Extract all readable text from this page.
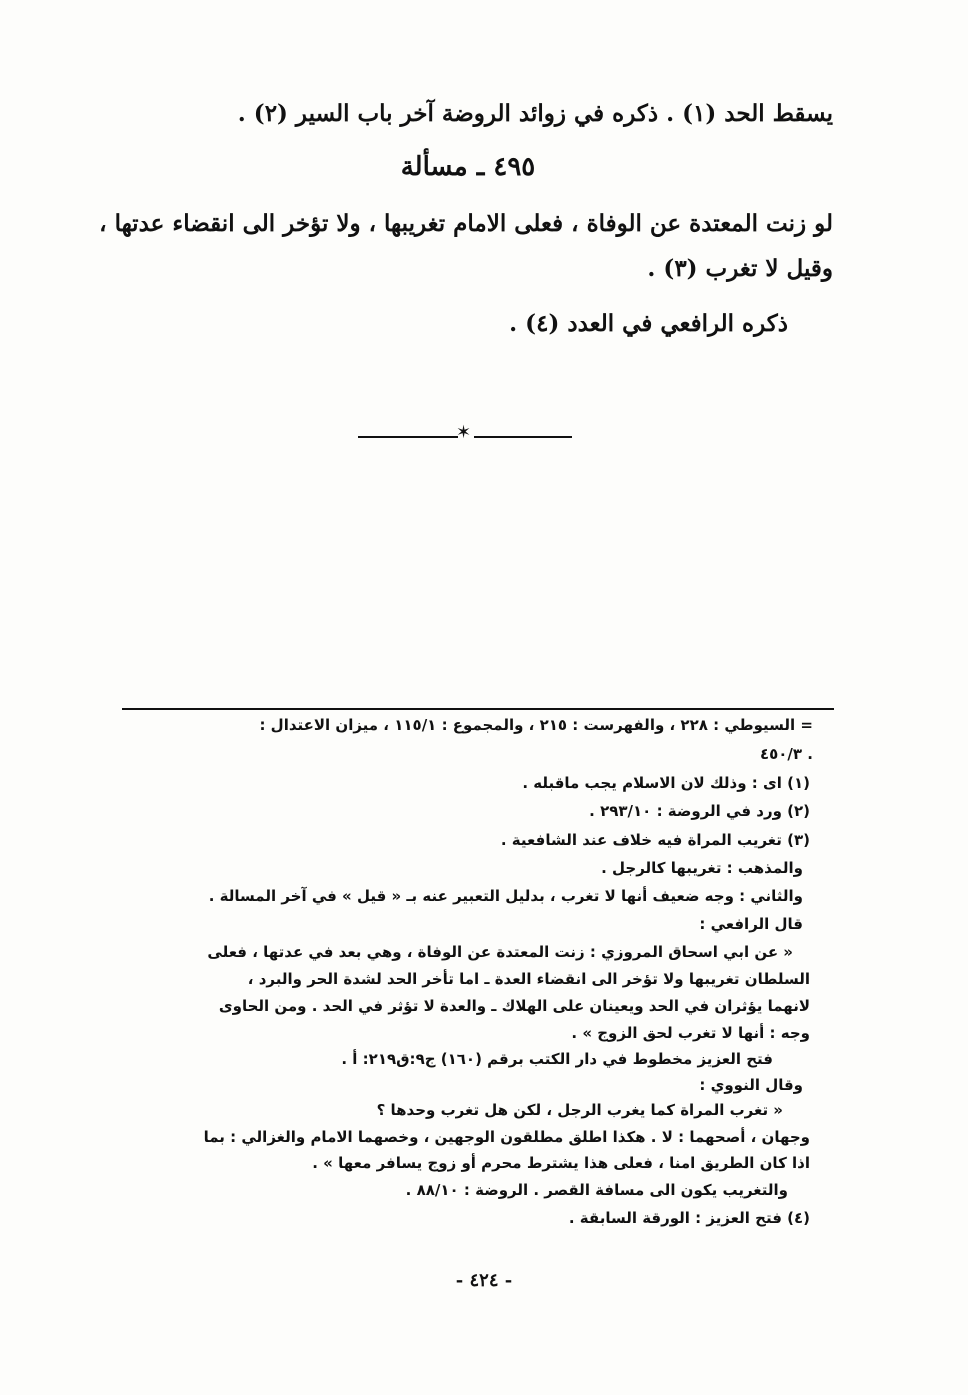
يسقط الحد (١) . ذكره في زوائد الروضة آخر باب السير (٢) .
٤٩٥ ـ مسألة
لو زنت المعتدة عن الوفاة ، فعلى الامام تغريبها ، ولا تؤخر الى انقضاء عدتها ،
وقيل لا تغرب (٣) .
ذكره الرافعي في العدد (٤) .
✶
= السيوطي : ٢٢٨ ، والفهرست : ٢١٥ ، والمجموع : ١١٥/١ ، ميزان الاعتدال :
٤٥٠/٣ .
(١) اى : وذلك لان الاسلام يجب ماقبله .
(٢) ورد في الروضة : ٢٩٣/١٠ .
(٣) تغريب المراة فيه خلاف عند الشافعية .
والمذهب : تغريبها كالرجل .
والثاني : وجه ضعيف أنها لا تغرب ، بدليل التعبير عنه بـ « قيل » في آخر المسالة .
قال الرافعي :
« عن ابي اسحاق المروزي : زنت المعتدة عن الوفاة ، وهي بعد في عدتها ، فعلى
السلطان تغريبها ولا تؤخر الى انقضاء العدة ـ اما تأخر الحد لشدة الحر والبرد ،
لانهما يؤثران في الحد ويعينان على الهلاك ـ والعدة لا تؤثر في الحد . ومن الحاوى
وجه : أنها لا تغرب لحق الزوج » .
فتح العزيز مخطوط في دار الكتب برقم (١٦٠) ج٩:ق٢١٩: أ .
وقال النووي :
« تغرب المراة كما يغرب الرجل ، لكن هل تغرب وحدها ؟
وجهان ، أصحهما : لا . هكذا اطلق مطلقون الوجهين ، وخصهما الامام والغزالي : بما
اذا كان الطريق امنا ، فعلى هذا يشترط محرم أو زوج يسافر معها » .
والتغريب يكون الى مسافة القصر . الروضة : ٨٨/١٠ .
(٤) فتح العزيز : الورقة السابقة .
- ٤٢٤ -
